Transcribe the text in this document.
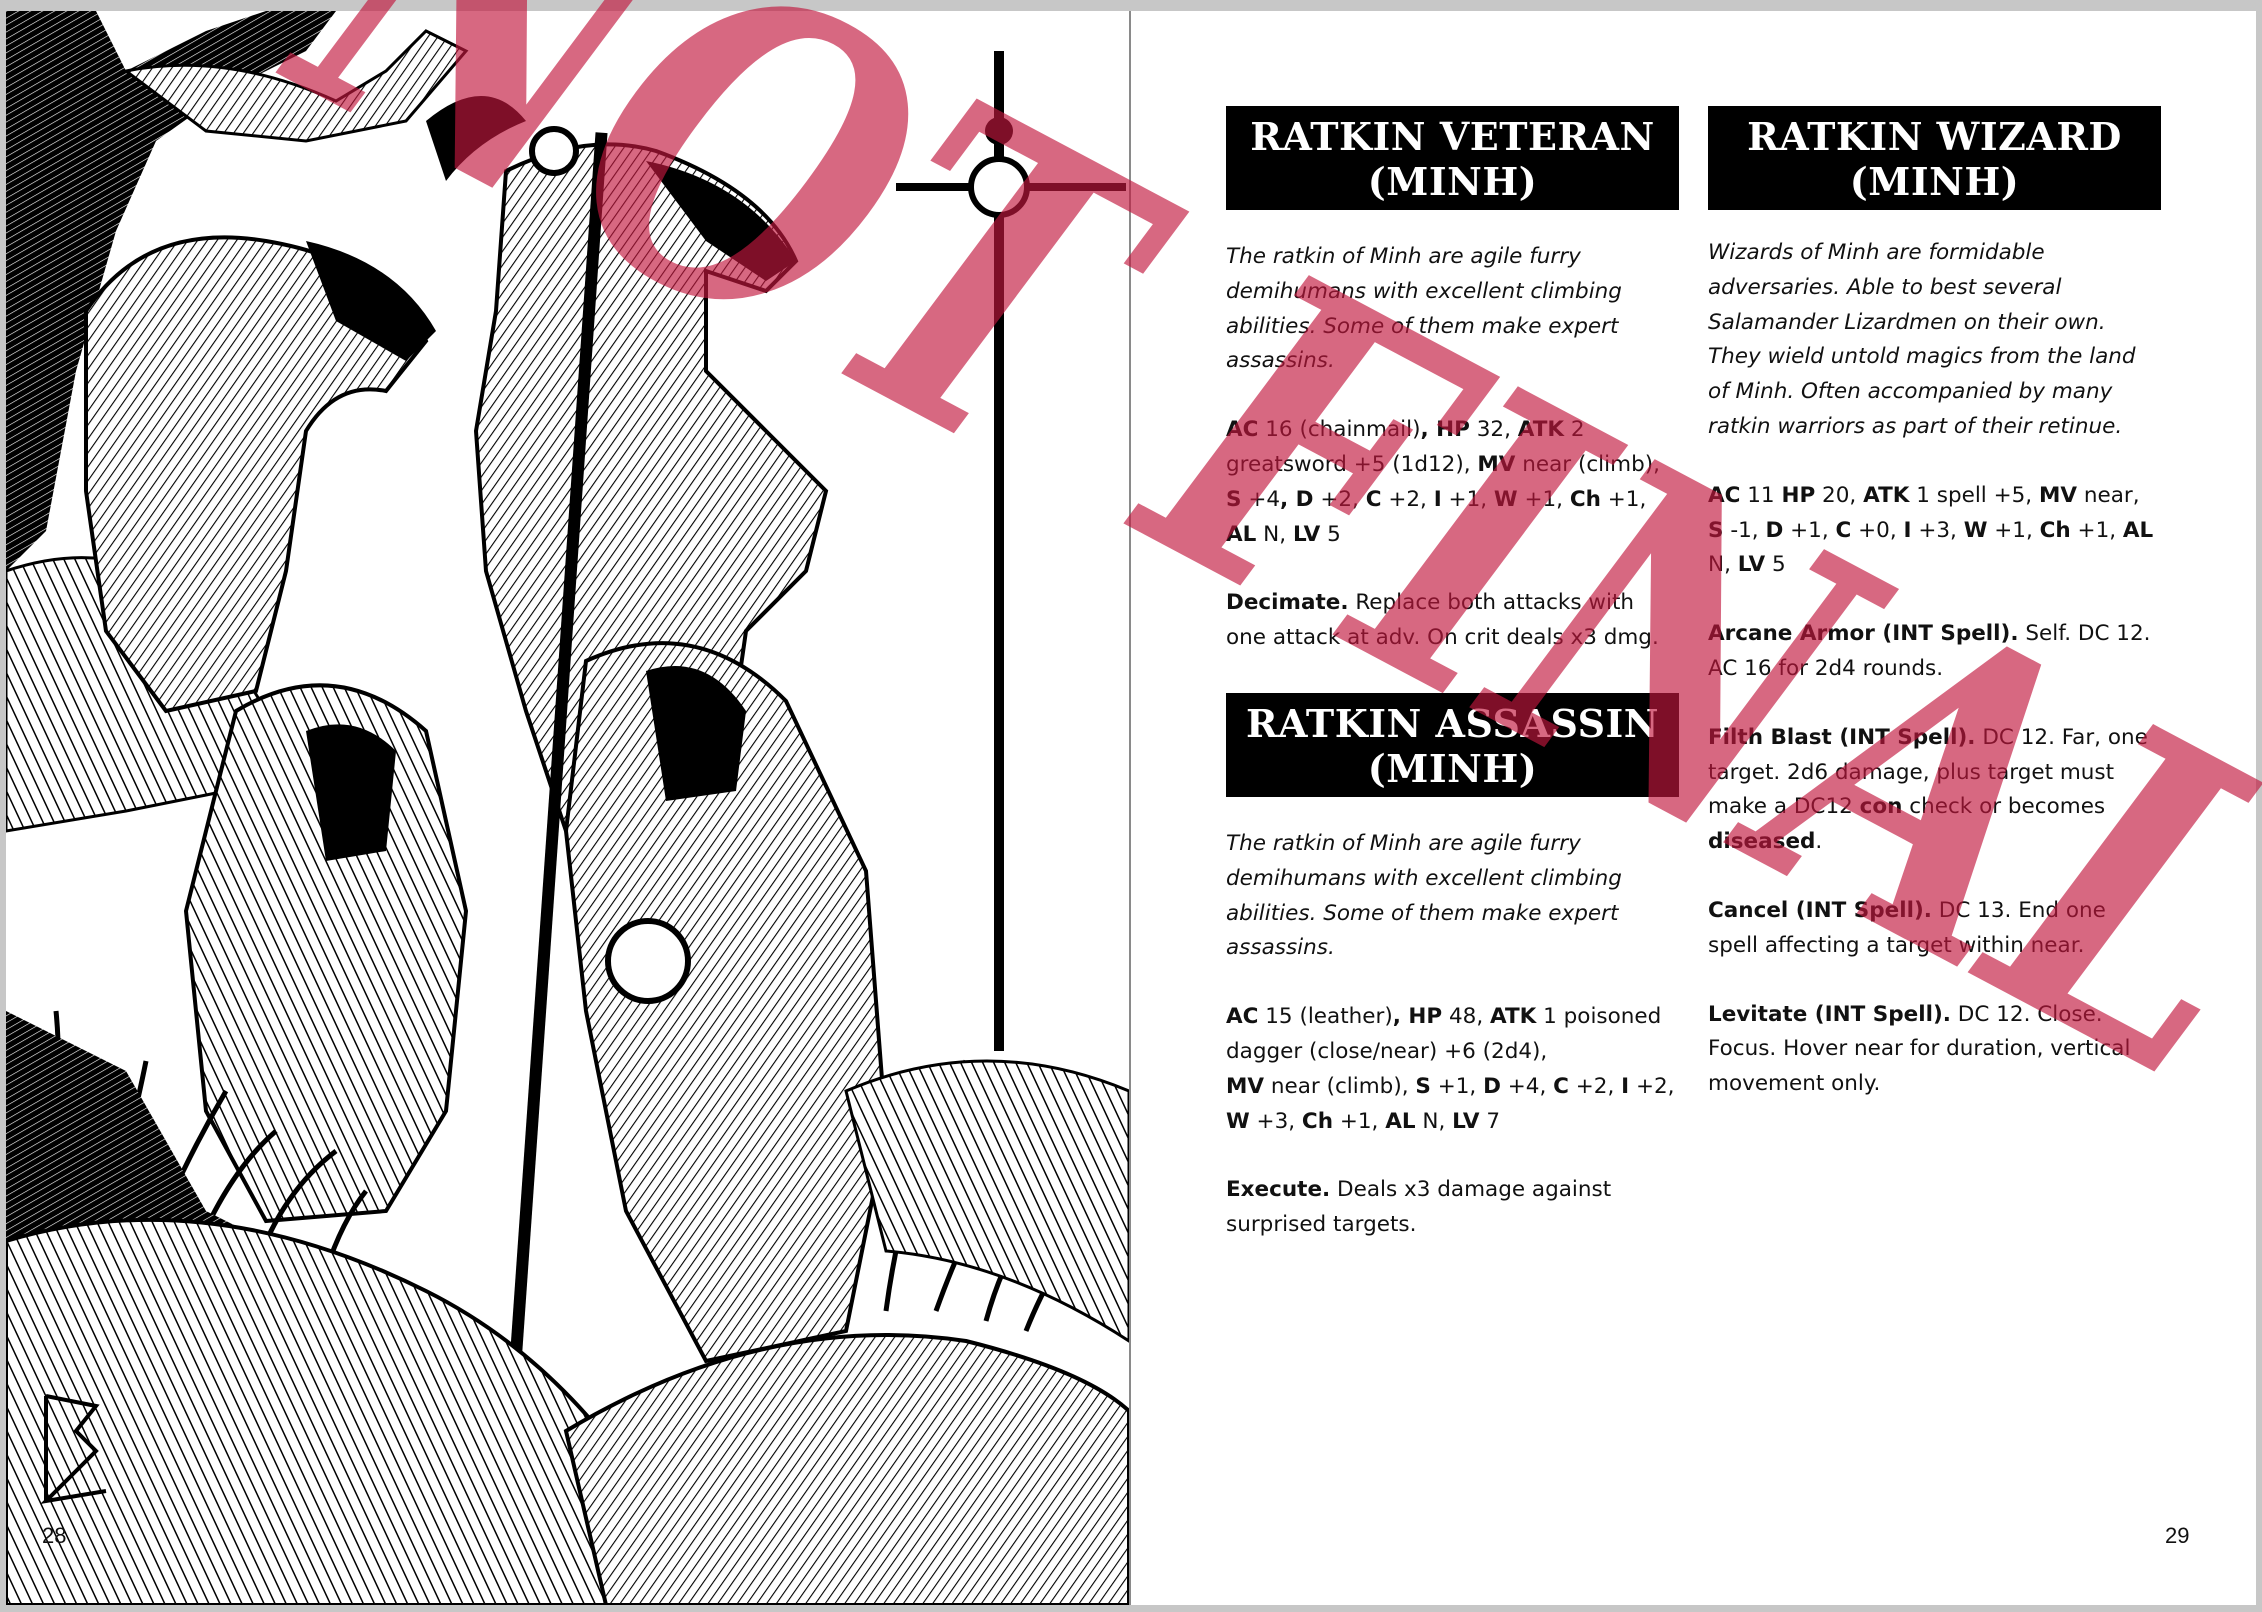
28
RATKIN VETERAN
(MINH)
The ratkin of Minh are agile furry demihumans with excellent climbing abilities. Some of them make expert assassins.
AC 16 (chainmail), HP 32, ATK 2 greatsword +5 (1d12), MV near (climb), S +4, D +2, C +2, I +1, W +1, Ch +1, AL N, LV 5
Decimate. Replace both attacks with one attack at adv. On crit deals x3 dmg.
RATKIN ASSASSIN
(MINH)
The ratkin of Minh are agile furry demihumans with excellent climbing abilities. Some of them make expert assassins.
AC 15 (leather), HP 48, ATK 1 poisoned dagger (close/near) +6 (2d4),
MV near (climb), S +1, D +4, C +2, I +2, W +3, Ch +1, AL N, LV 7
Execute. Deals x3 damage against surprised targets.
RATKIN WIZARD
(MINH)
Wizards of Minh are formidable adversaries. Able to best several Salamander Lizardmen on their own. They wield untold magics from the land of Minh. Often accompanied by many ratkin warriors as part of their retinue.
AC 11 HP 20, ATK 1 spell +5, MV near, S -1, D +1, C +0, I +3, W +1, Ch +1, AL N, LV 5
Arcane Armor (INT Spell). Self. DC 12. AC 16 for 2d4 rounds.
Filth Blast (INT Spell). DC 12. Far, one target. 2d6 damage, plus target must make a DC12 con check or becomes diseased.
Cancel (INT Spell). DC 13. End one spell affecting a target within near.
Levitate (INT Spell). DC 12. Close. Focus. Hover near for duration, vertical movement only.
29
